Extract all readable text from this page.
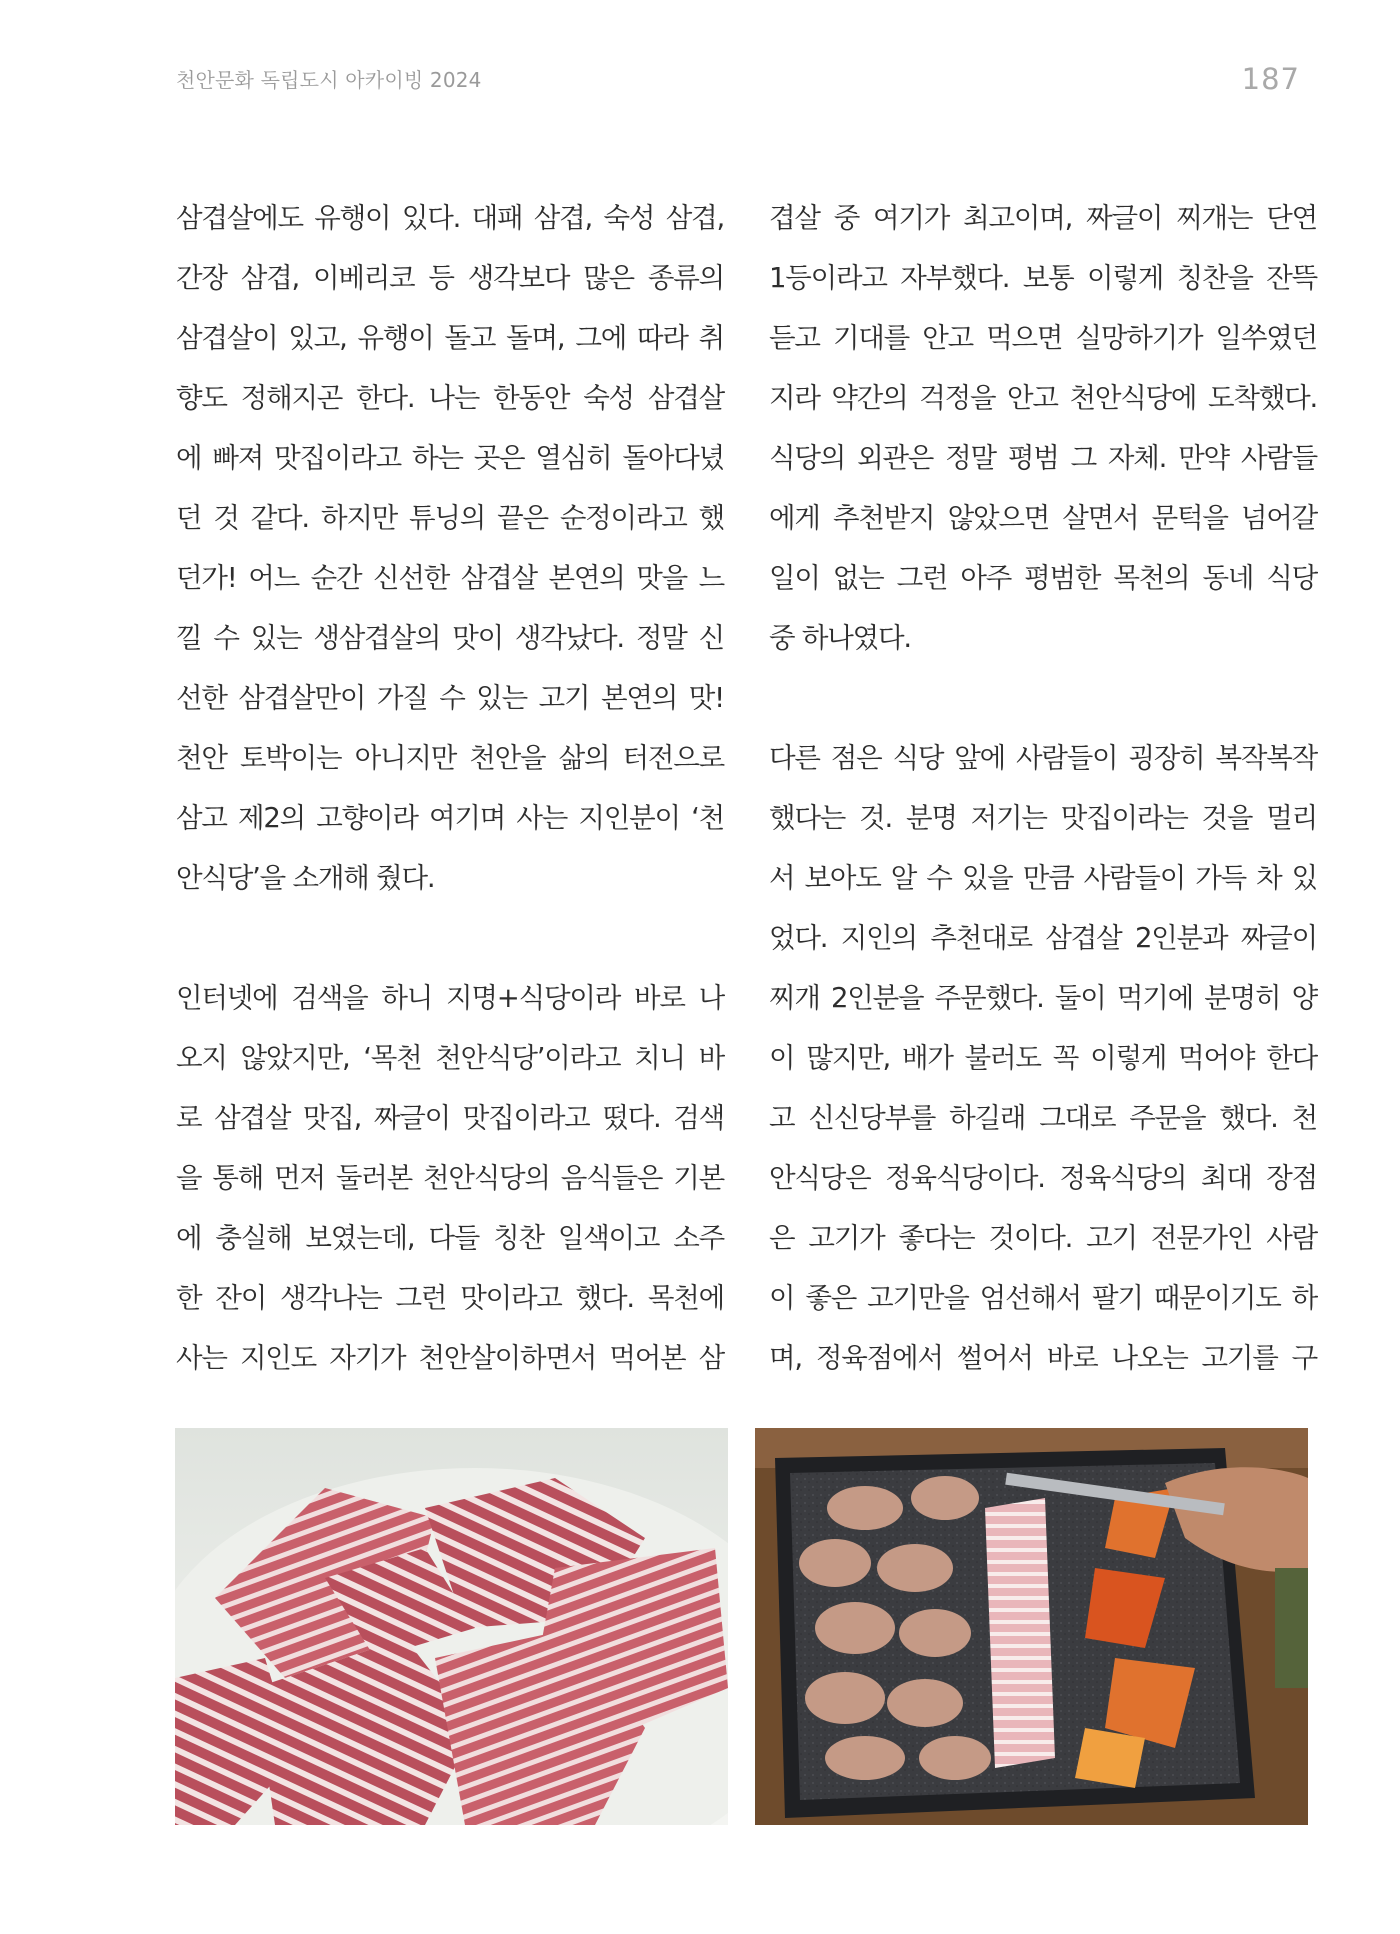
천안문화 독립도시 아카이빙 2024	187
삼겹살에도 유행이 있다. 대패 삼겹, 숙성 삼겹,
간장 삼겹, 이베리코 등 생각보다 많은 종류의
삼겹살이 있고, 유행이 돌고 돌며, 그에 따라 취
향도 정해지곤 한다. 나는 한동안 숙성 삼겹살
에 빠져 맛집이라고 하는 곳은 열심히 돌아다녔
던 것 같다. 하지만 튜닝의 끝은 순정이라고 했
던가! 어느 순간 신선한 삼겹살 본연의 맛을 느
낄 수 있는 생삼겹살의 맛이 생각났다. 정말 신
선한 삼겹살만이 가질 수 있는 고기 본연의 맛!
천안 토박이는 아니지만 천안을 삶의 터전으로
삼고 제2의 고향이라 여기며 사는 지인분이 ‘천
안식당’을 소개해 줬다.
인터넷에 검색을 하니 지명+식당이라 바로 나
오지 않았지만, ‘목천 천안식당’이라고 치니 바
로 삼겹살 맛집, 짜글이 맛집이라고 떴다. 검색
을 통해 먼저 둘러본 천안식당의 음식들은 기본
에 충실해 보였는데, 다들 칭찬 일색이고 소주
한 잔이 생각나는 그런 맛이라고 했다. 목천에
사는 지인도 자기가 천안살이하면서 먹어본 삼
겹살 중 여기가 최고이며, 짜글이 찌개는 단연
1등이라고 자부했다. 보통 이렇게 칭찬을 잔뜩
듣고 기대를 안고 먹으면 실망하기가 일쑤였던
지라 약간의 걱정을 안고 천안식당에 도착했다.
식당의 외관은 정말 평범 그 자체. 만약 사람들
에게 추천받지 않았으면 살면서 문턱을 넘어갈
일이 없는 그런 아주 평범한 목천의 동네 식당
중 하나였다.
다른 점은 식당 앞에 사람들이 굉장히 복작복작
했다는 것. 분명 저기는 맛집이라는 것을 멀리
서 보아도 알 수 있을 만큼 사람들이 가득 차 있
었다. 지인의 추천대로 삼겹살 2인분과 짜글이
찌개 2인분을 주문했다. 둘이 먹기에 분명히 양
이 많지만, 배가 불러도 꼭 이렇게 먹어야 한다
고 신신당부를 하길래 그대로 주문을 했다. 천
안식당은 정육식당이다. 정육식당의 최대 장점
은 고기가 좋다는 것이다. 고기 전문가인 사람
이 좋은 고기만을 엄선해서 팔기 때문이기도 하
며, 정육점에서 썰어서 바로 나오는 고기를 구
